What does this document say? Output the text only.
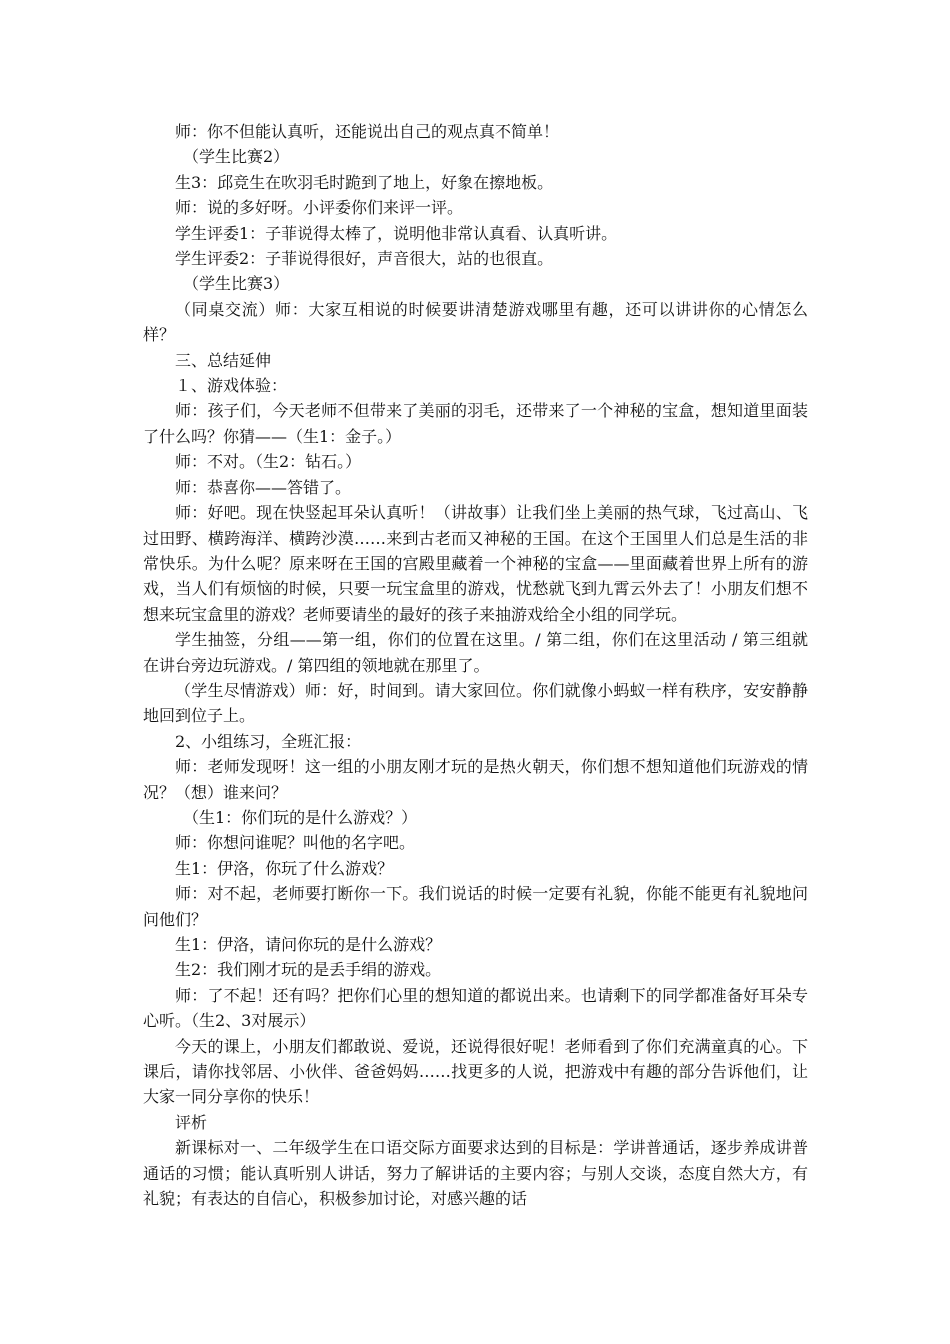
师：你不但能认真听，还能说出自己的观点真不简单！

（学生比赛2）

生3：邱竞生在吹羽毛时跪到了地上，好象在擦地板。

师：说的多好呀。小评委你们来评一评。

学生评委1：子菲说得太棒了，说明他非常认真看、认真听讲。

学生评委2：子菲说得很好，声音很大，站的也很直。

（学生比赛3）

（同桌交流）师：大家互相说的时候要讲清楚游戏哪里有趣，还可以讲讲你的心情怎么样？

三、总结延伸

１、游戏体验：

师：孩子们，今天老师不但带来了美丽的羽毛，还带来了一个神秘的宝盒，想知道里面装了什么吗？你猜——（生1：金子。）

师：不对。（生2：钻石。）

师：恭喜你——答错了。

师：好吧。现在快竖起耳朵认真听！（讲故事）让我们坐上美丽的热气球，飞过高山、飞过田野、横跨海洋、横跨沙漠……来到古老而又神秘的王国。在这个王国里人们总是生活的非常快乐。为什么呢？原来呀在王国的宫殿里藏着一个神秘的宝盒——里面藏着世界上所有的游戏，当人们有烦恼的时候，只要一玩宝盒里的游戏，忧愁就飞到九霄云外去了！小朋友们想不想来玩宝盒里的游戏？老师要请坐的最好的孩子来抽游戏给全小组的同学玩。

学生抽签，分组——第一组，你们的位置在这里。/ 第二组，你们在这里活动 / 第三组就在讲台旁边玩游戏。/ 第四组的领地就在那里了。

（学生尽情游戏）师：好，时间到。请大家回位。你们就像小蚂蚁一样有秩序，安安静静地回到位子上。

2、小组练习，全班汇报：

师：老师发现呀！这一组的小朋友刚才玩的是热火朝天，你们想不想知道他们玩游戏的情况？（想）谁来问？

（生1：你们玩的是什么游戏？）

师：你想问谁呢？叫他的名字吧。

生1：伊洛，你玩了什么游戏？

师：对不起，老师要打断你一下。我们说话的时候一定要有礼貌，你能不能更有礼貌地问问他们？

生1：伊洛，请问你玩的是什么游戏？

生2：我们刚才玩的是丢手绢的游戏。

师：了不起！还有吗？把你们心里的想知道的都说出来。也请剩下的同学都准备好耳朵专心听。（生2、3对展示）

今天的课上，小朋友们都敢说、爱说，还说得很好呢！老师看到了你们充满童真的心。下课后，请你找邻居、小伙伴、爸爸妈妈……找更多的人说，把游戏中有趣的部分告诉他们，让大家一同分享你的快乐！

评析

新课标对一、二年级学生在口语交际方面要求达到的目标是：学讲普通话，逐步养成讲普通话的习惯；能认真听别人讲话，努力了解讲话的主要内容；与别人交谈，态度自然大方，有礼貌；有表达的自信心，积极参加讨论，对感兴趣的话
